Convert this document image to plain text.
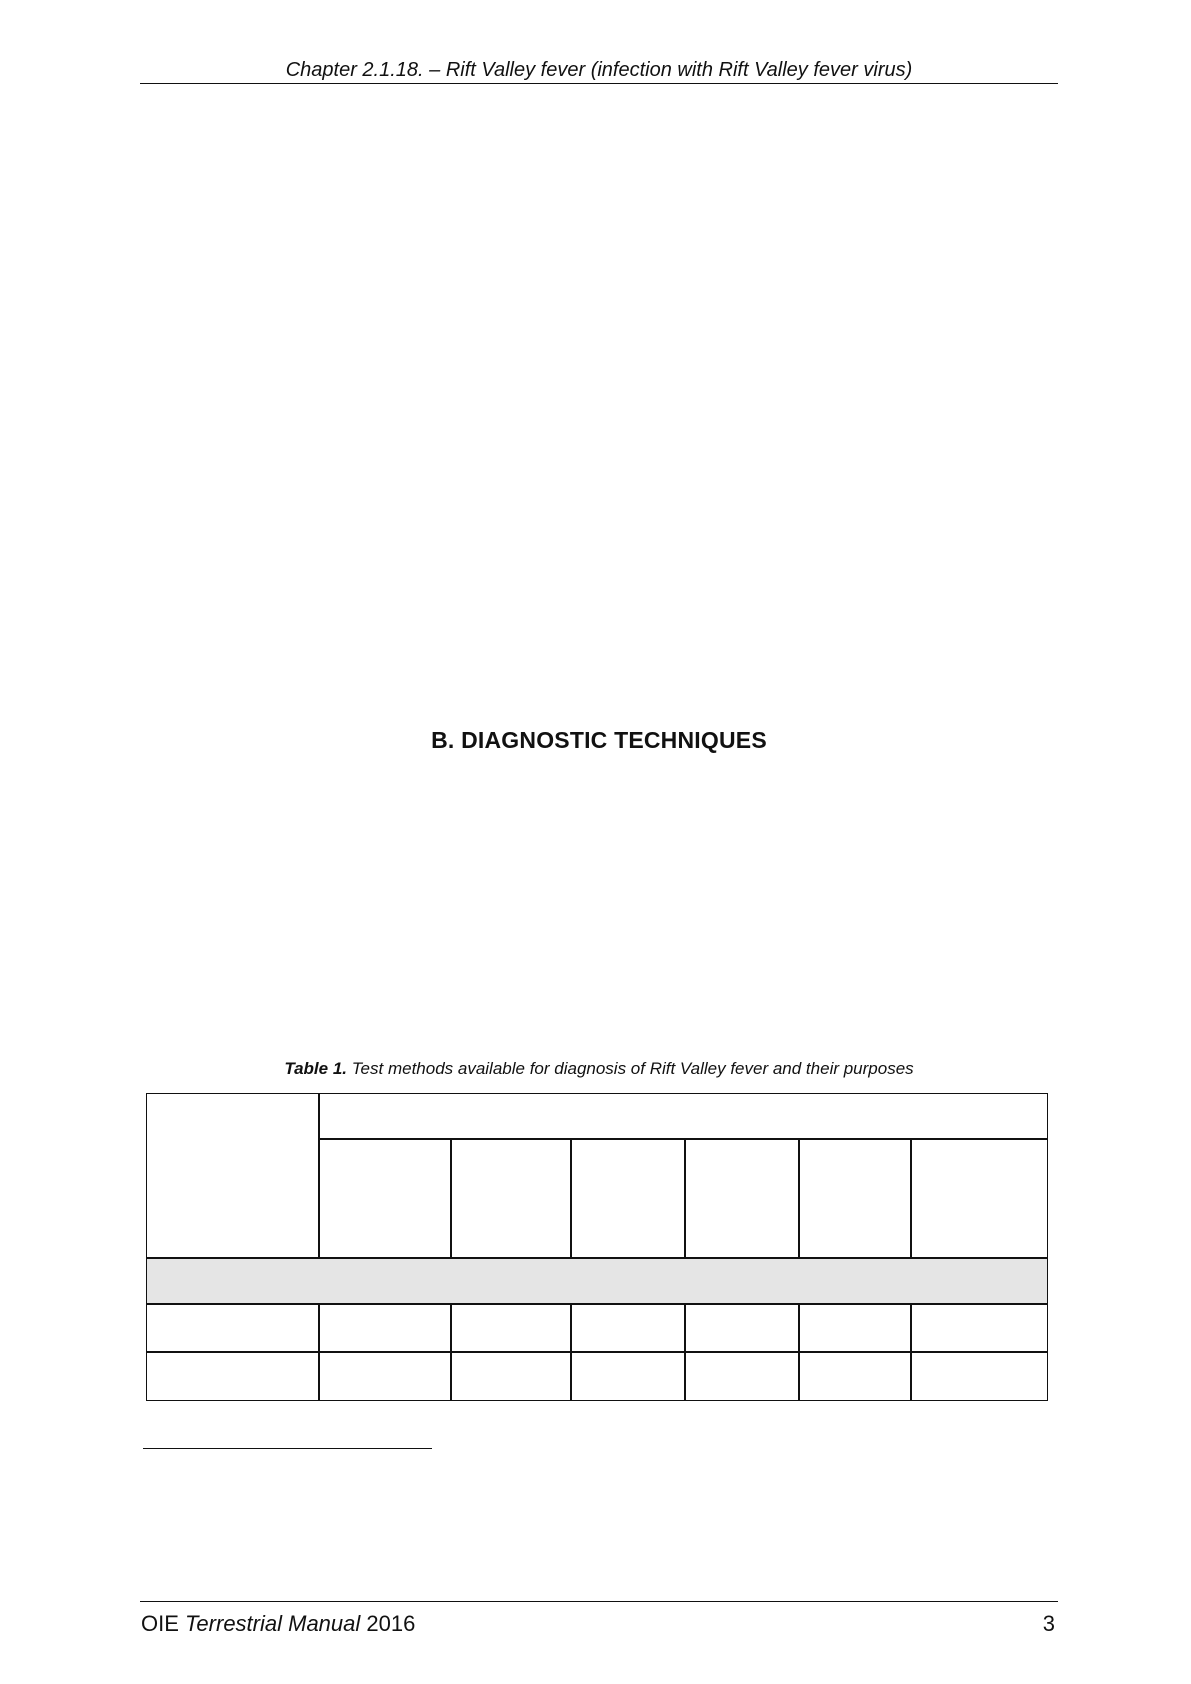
Chapter 2.1.18. – Rift Valley fever (infection with Rift Valley fever virus)
B. DIAGNOSTIC TECHNIQUES
Table 1. Test methods available for diagnosis of Rift Valley fever and their purposes
OIE Terrestrial Manual 2016	3
